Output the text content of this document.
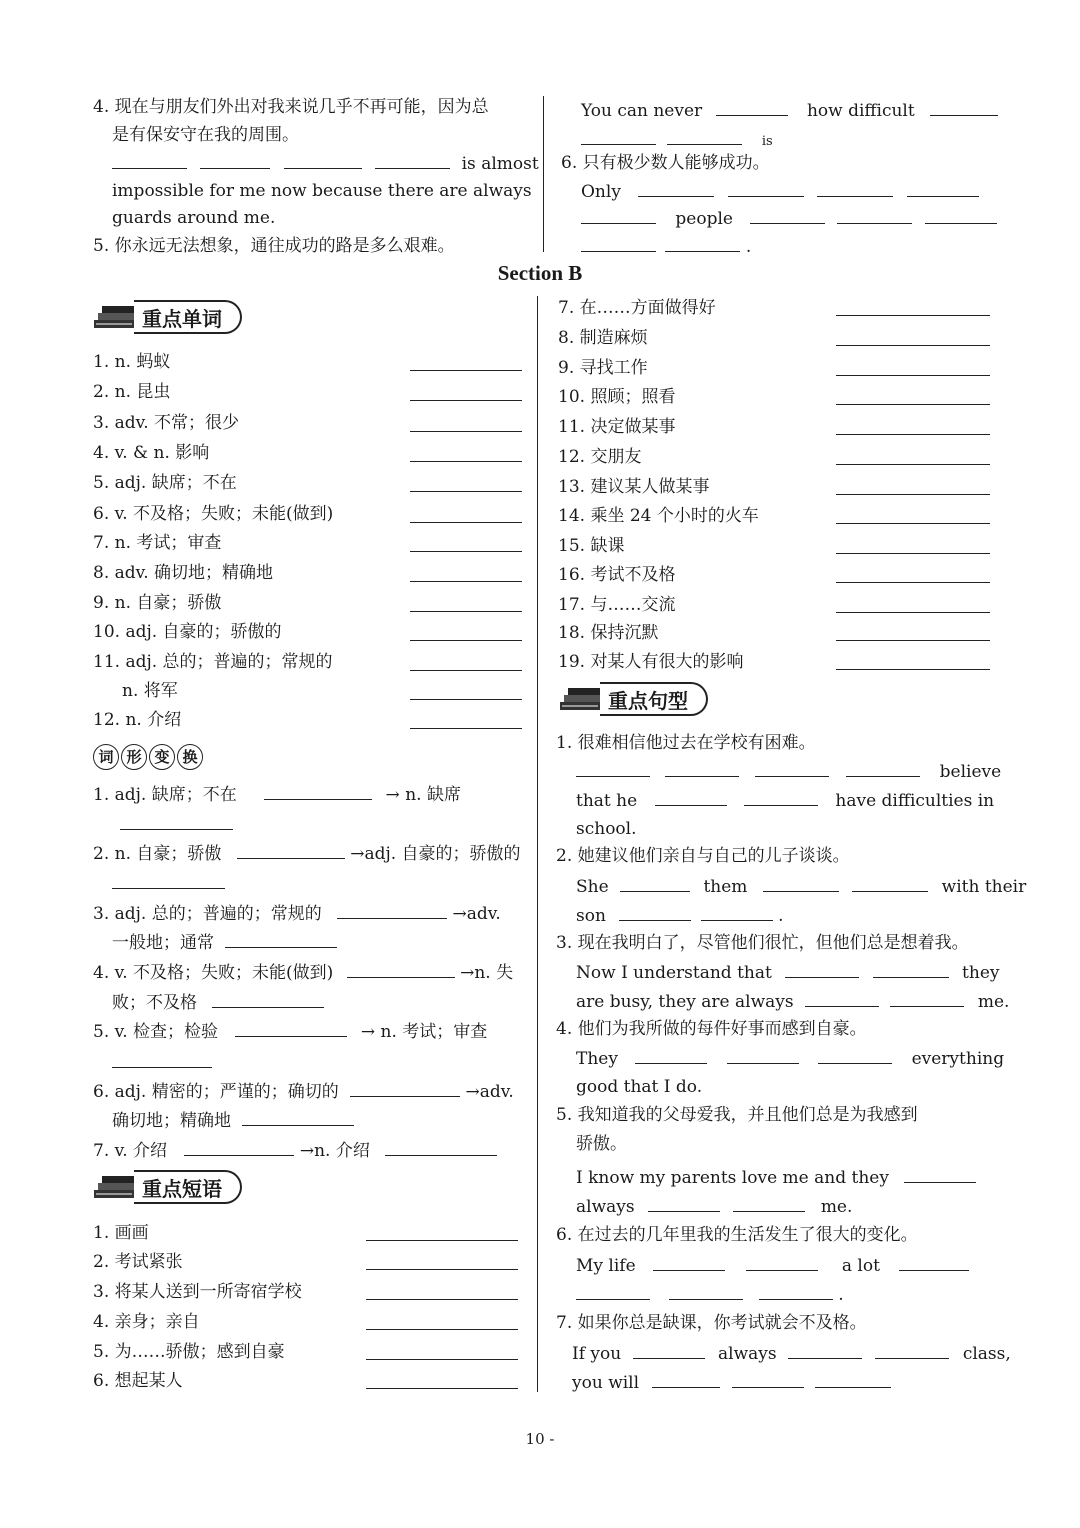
4. 现在与朋友们外出对我来说几乎不再可能，因为总
是有保安守在我的周围。
is almost
impossible for me now because there are always
guards around me.
5. 你永远无法想象，通往成功的路是多么艰难。
You can never	how difficult
is
6. 只有极少数人能够成功。
Only
people
.
Section B
重点单词
1. n. 蚂蚁
2. n. 昆虫
3. adv. 不常；很少
4. v. & n. 影响
5. adj. 缺席；不在
6. v. 不及格；失败；未能(做到)
7. n. 考试；审查
8. adv. 确切地；精确地
9. n. 自豪；骄傲
10. adj. 自豪的；骄傲的
11. adj. 总的；普遍的；常规的
n. 将军
12. n. 介绍
词 形 变 换
1. adj. 缺席；不在	→ n. 缺席
2. n. 自豪；骄傲	→adj. 自豪的；骄傲的
3. adj. 总的；普遍的；常规的	→adv.
一般地；通常
4. v. 不及格；失败；未能(做到)	→n. 失
败；不及格
5. v. 检查；检验	→ n. 考试；审查
6. adj. 精密的；严谨的；确切的	→adv.
确切地；精确地
7. v. 介绍	→n. 介绍
重点短语
1. 画画
2. 考试紧张
3. 将某人送到一所寄宿学校
4. 亲身；亲自
5. 为……骄傲；感到自豪
6. 想起某人
7. 在……方面做得好
8. 制造麻烦
9. 寻找工作
10. 照顾；照看
11. 决定做某事
12. 交朋友
13. 建议某人做某事
14. 乘坐 24 个小时的火车
15. 缺课
16. 考试不及格
17. 与……交流
18. 保持沉默
19. 对某人有很大的影响
重点句型
1. 很难相信他过去在学校有困难。
believe
that he	have difficulties in
school.
2. 她建议他们亲自与自己的儿子谈谈。
She	them	with their
son	.
3. 现在我明白了，尽管他们很忙，但他们总是想着我。
Now I understand that	they
are busy, they are always	me.
4. 他们为我所做的每件好事而感到自豪。
They	everything
good that I do.
5. 我知道我的父母爱我，并且他们总是为我感到
骄傲。
I know my parents love me and they
always	me.
6. 在过去的几年里我的生活发生了很大的变化。
My life	a lot
.
7. 如果你总是缺课，你考试就会不及格。
If you	always	class,
you will
10 -
